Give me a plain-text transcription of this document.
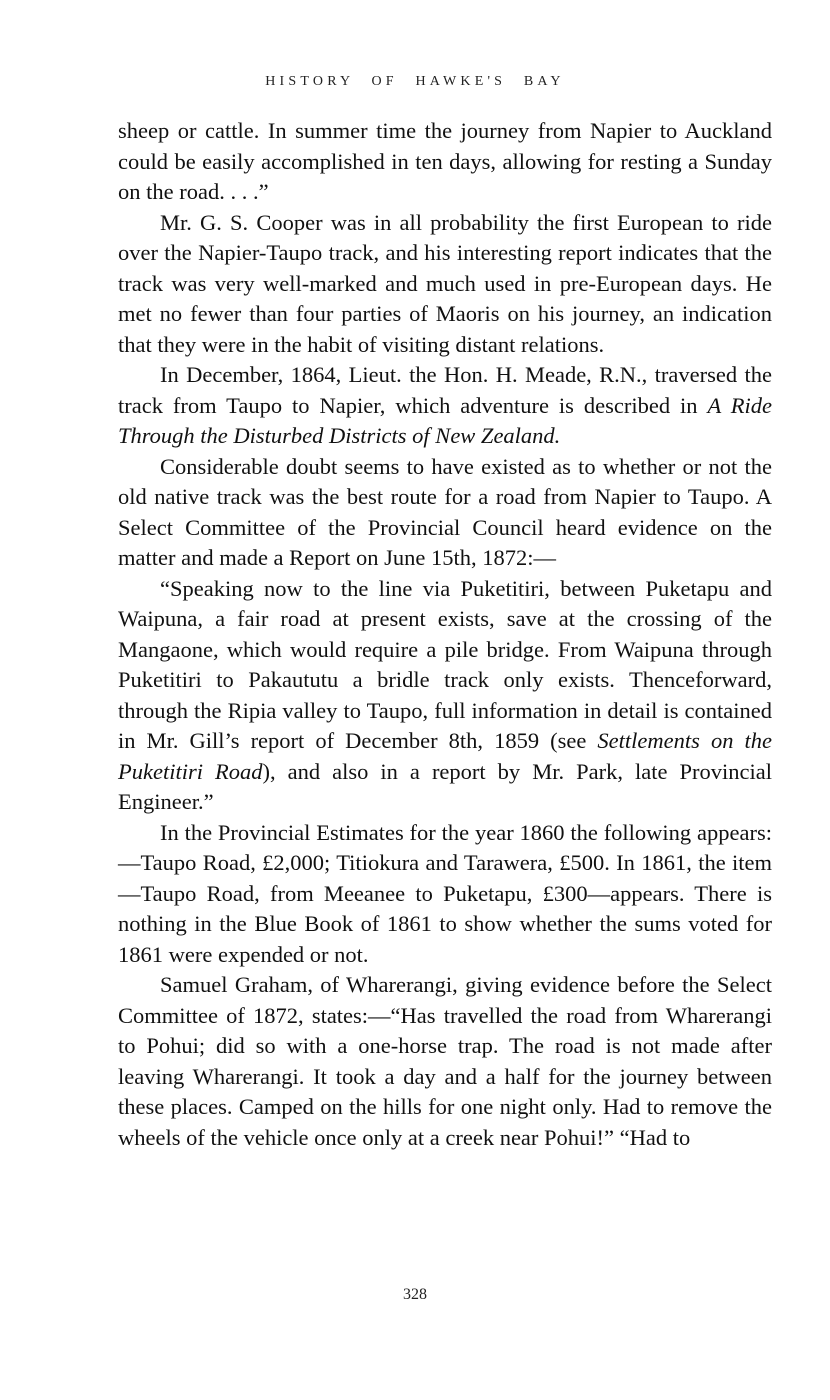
HISTORY OF HAWKE'S BAY

sheep or cattle. In summer time the journey from Napier to Auckland could be easily accomplished in ten days, allowing for resting a Sunday on the road. . . .”

Mr. G. S. Cooper was in all probability the first European to ride over the Napier-Taupo track, and his interesting report indicates that the track was very well-marked and much used in pre-European days. He met no fewer than four parties of Maoris on his journey, an indication that they were in the habit of visiting distant relations.

In December, 1864, Lieut. the Hon. H. Meade, R.N., traversed the track from Taupo to Napier, which adventure is described in A Ride Through the Disturbed Districts of New Zealand.

Considerable doubt seems to have existed as to whether or not the old native track was the best route for a road from Napier to Taupo. A Select Committee of the Provincial Council heard evidence on the matter and made a Report on June 15th, 1872:—

“Speaking now to the line via Puketitiri, between Puketapu and Waipuna, a fair road at present exists, save at the crossing of the Mangaone, which would require a pile bridge. From Waipuna through Puketitiri to Pakaututu a bridle track only exists. Thenceforward, through the Ripia valley to Taupo, full information in detail is contained in Mr. Gill’s report of December 8th, 1859 (see Settlements on the Puketitiri Road), and also in a report by Mr. Park, late Provincial Engineer.”

In the Provincial Estimates for the year 1860 the following appears:—Taupo Road, £2,000; Titiokura and Tarawera, £500. In 1861, the item—Taupo Road, from Meeanee to Puketapu, £300—appears. There is nothing in the Blue Book of 1861 to show whether the sums voted for 1861 were expended or not.

Samuel Graham, of Wharerangi, giving evidence before the Select Committee of 1872, states:—“Has travelled the road from Wharerangi to Pohui; did so with a one-horse trap. The road is not made after leaving Wharerangi. It took a day and a half for the journey between these places. Camped on the hills for one night only. Had to remove the wheels of the vehicle once only at a creek near Pohui!” “Had to

328
